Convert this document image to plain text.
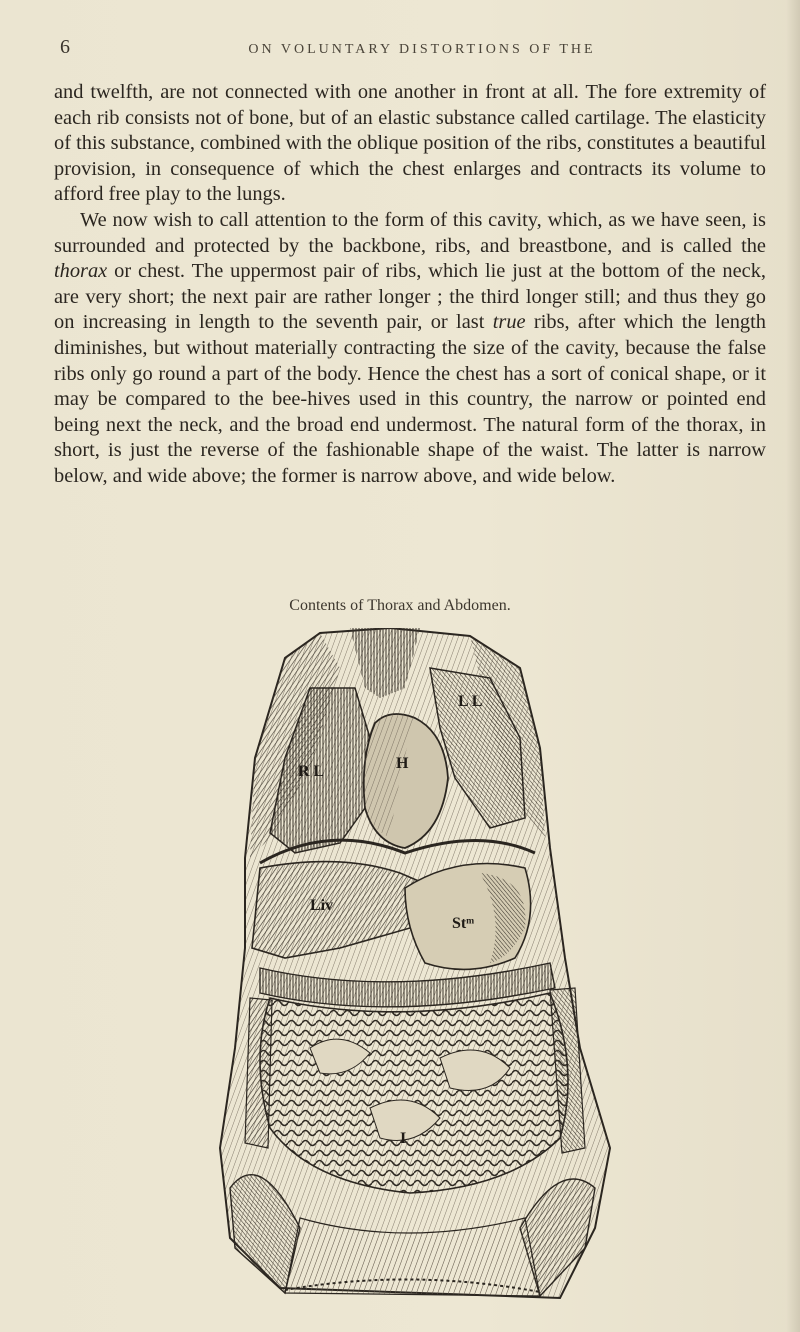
6	ON VOLUNTARY DISTORTIONS OF THE

and twelfth, are not connected with one another in front at all. The fore extremity of each rib consists not of bone, but of an elastic substance called cartilage. The elasticity of this substance, combined with the oblique position of the ribs, constitutes a beautiful provision, in consequence of which the chest enlarges and contracts its volume to afford free play to the lungs.

We now wish to call attention to the form of this cavity, which, as we have seen, is surrounded and protected by the backbone, ribs, and breastbone, and is called the thorax or chest. The uppermost pair of ribs, which lie just at the bottom of the neck, are very short; the next pair are rather longer ; the third longer still; and thus they go on increasing in length to the seventh pair, or last true ribs, after which the length diminishes, but without materially contracting the size of the cavity, because the false ribs only go round a part of the body. Hence the chest has a sort of conical shape, or it may be compared to the bee-hives used in this country, the narrow or pointed end being next the neck, and the broad end undermost. The natural form of the thorax, in short, is just the reverse of the fashionable shape of the waist. The latter is narrow below, and wide above; the former is narrow above, and wide below.

Contents of Thorax and Abdomen.
R L
L L
H
Liv
Stᵐ
I
